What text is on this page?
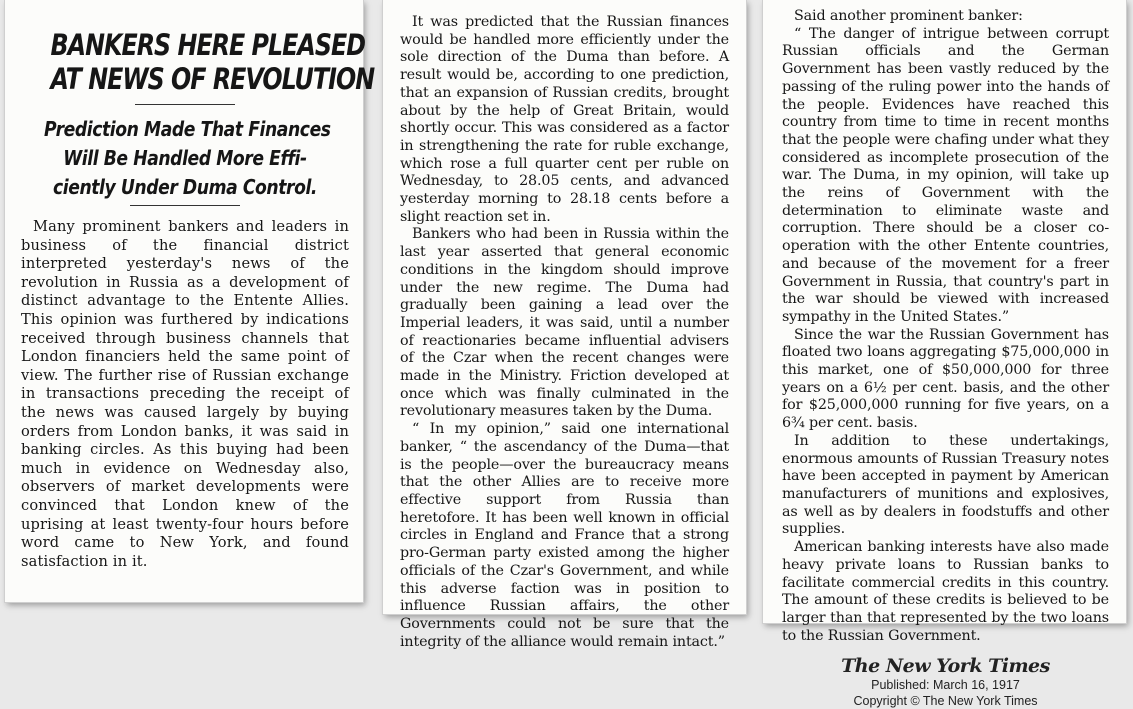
BANKERS HERE PLEASED
AT NEWS OF REVOLUTION
Prediction Made That Finances
Will Be Handled More Effi-
ciently Under Duma Control.

Many prominent bankers and leaders in business of the financial district interpreted yesterday's news of the revolution in Russia as a development of distinct advantage to the Entente Allies. This opinion was furthered by indications received through business channels that London financiers held the same point of view. The further rise of Russian exchange in transactions preceding the receipt of the news was caused largely by buying orders from London banks, it was said in banking circles. As this buying had been much in evidence on Wednesday also, observers of market developments were convinced that London knew of the uprising at least twenty-four hours before word came to New York, and found satisfaction in it.

It was predicted that the Russian finances would be handled more efficiently under the sole direction of the Duma than before. A result would be, according to one prediction, that an expansion of Russian credits, brought about by the help of Great Britain, would shortly occur. This was considered as a factor in strengthening the rate for ruble exchange, which rose a full quarter cent per ruble on Wednesday, to 28.05 cents, and advanced yesterday morning to 28.18 cents before a slight reaction set in.

Bankers who had been in Russia within the last year asserted that general economic conditions in the kingdom should improve under the new regime. The Duma had gradually been gaining a lead over the Imperial leaders, it was said, until a number of reactionaries became influential advisers of the Czar when the recent changes were made in the Ministry. Friction developed at once which was finally culminated in the revolutionary measures taken by the Duma.

“ In my opinion,” said one international banker, “ the ascendancy of the Duma—that is the people—over the bureaucracy means that the other Allies are to receive more effective support from Russia than heretofore. It has been well known in official circles in England and France that a strong pro-German party existed among the higher officials of the Czar's Government, and while this adverse faction was in position to influence Russian affairs, the other Governments could not be sure that the integrity of the alliance would remain intact.”

Said another prominent banker:

“ The danger of intrigue between corrupt Russian officials and the German Government has been vastly reduced by the passing of the ruling power into the hands of the people. Evidences have reached this country from time to time in recent months that the people were chafing under what they considered as incomplete prosecution of the war. The Duma, in my opinion, will take up the reins of Government with the determination to eliminate waste and corruption. There should be a closer co-operation with the other Entente countries, and because of the movement for a freer Government in Russia, that country's part in the war should be viewed with increased sympathy in the United States.”

Since the war the Russian Government has floated two loans aggregating $75,000,000 in this market, one of $50,000,000 for three years on a 6½ per cent. basis, and the other for $25,000,000 running for five years, on a 6¾ per cent. basis.

In addition to these undertakings, enormous amounts of Russian Treasury notes have been accepted in payment by American manufacturers of munitions and explosives, as well as by dealers in foodstuffs and other supplies.

American banking interests have also made heavy private loans to Russian banks to facilitate commercial credits in this country. The amount of these credits is believed to be larger than that represented by the two loans to the Russian Government.

The New York Times
Published: March 16, 1917
Copyright © The New York Times
